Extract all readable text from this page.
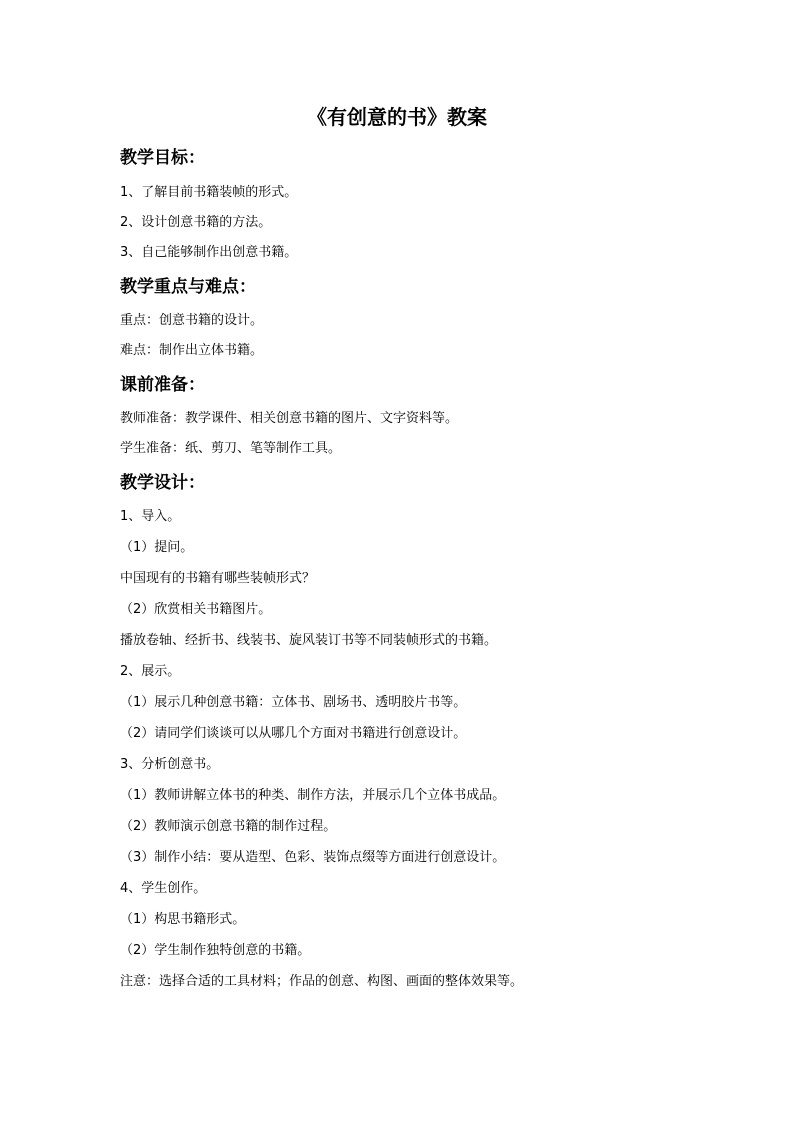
《有创意的书》教案
教学目标：

1、了解目前书籍装帧的形式。

2、设计创意书籍的方法。

3、自己能够制作出创意书籍。

教学重点与难点：

重点：创意书籍的设计。

难点：制作出立体书籍。

课前准备：

教师准备：教学课件、相关创意书籍的图片、文字资料等。

学生准备：纸、剪刀、笔等制作工具。

教学设计：

1、导入。

（1）提问。

中国现有的书籍有哪些装帧形式？

（2）欣赏相关书籍图片。

播放卷轴、经折书、线装书、旋风装订书等不同装帧形式的书籍。

2、展示。

（1）展示几种创意书籍：立体书、剧场书、透明胶片书等。

（2）请同学们谈谈可以从哪几个方面对书籍进行创意设计。

3、分析创意书。

（1）教师讲解立体书的种类、制作方法，并展示几个立体书成品。

（2）教师演示创意书籍的制作过程。

（3）制作小结：要从造型、色彩、装饰点缀等方面进行创意设计。

4、学生创作。

（1）构思书籍形式。

（2）学生制作独特创意的书籍。

注意：选择合适的工具材料；作品的创意、构图、画面的整体效果等。
